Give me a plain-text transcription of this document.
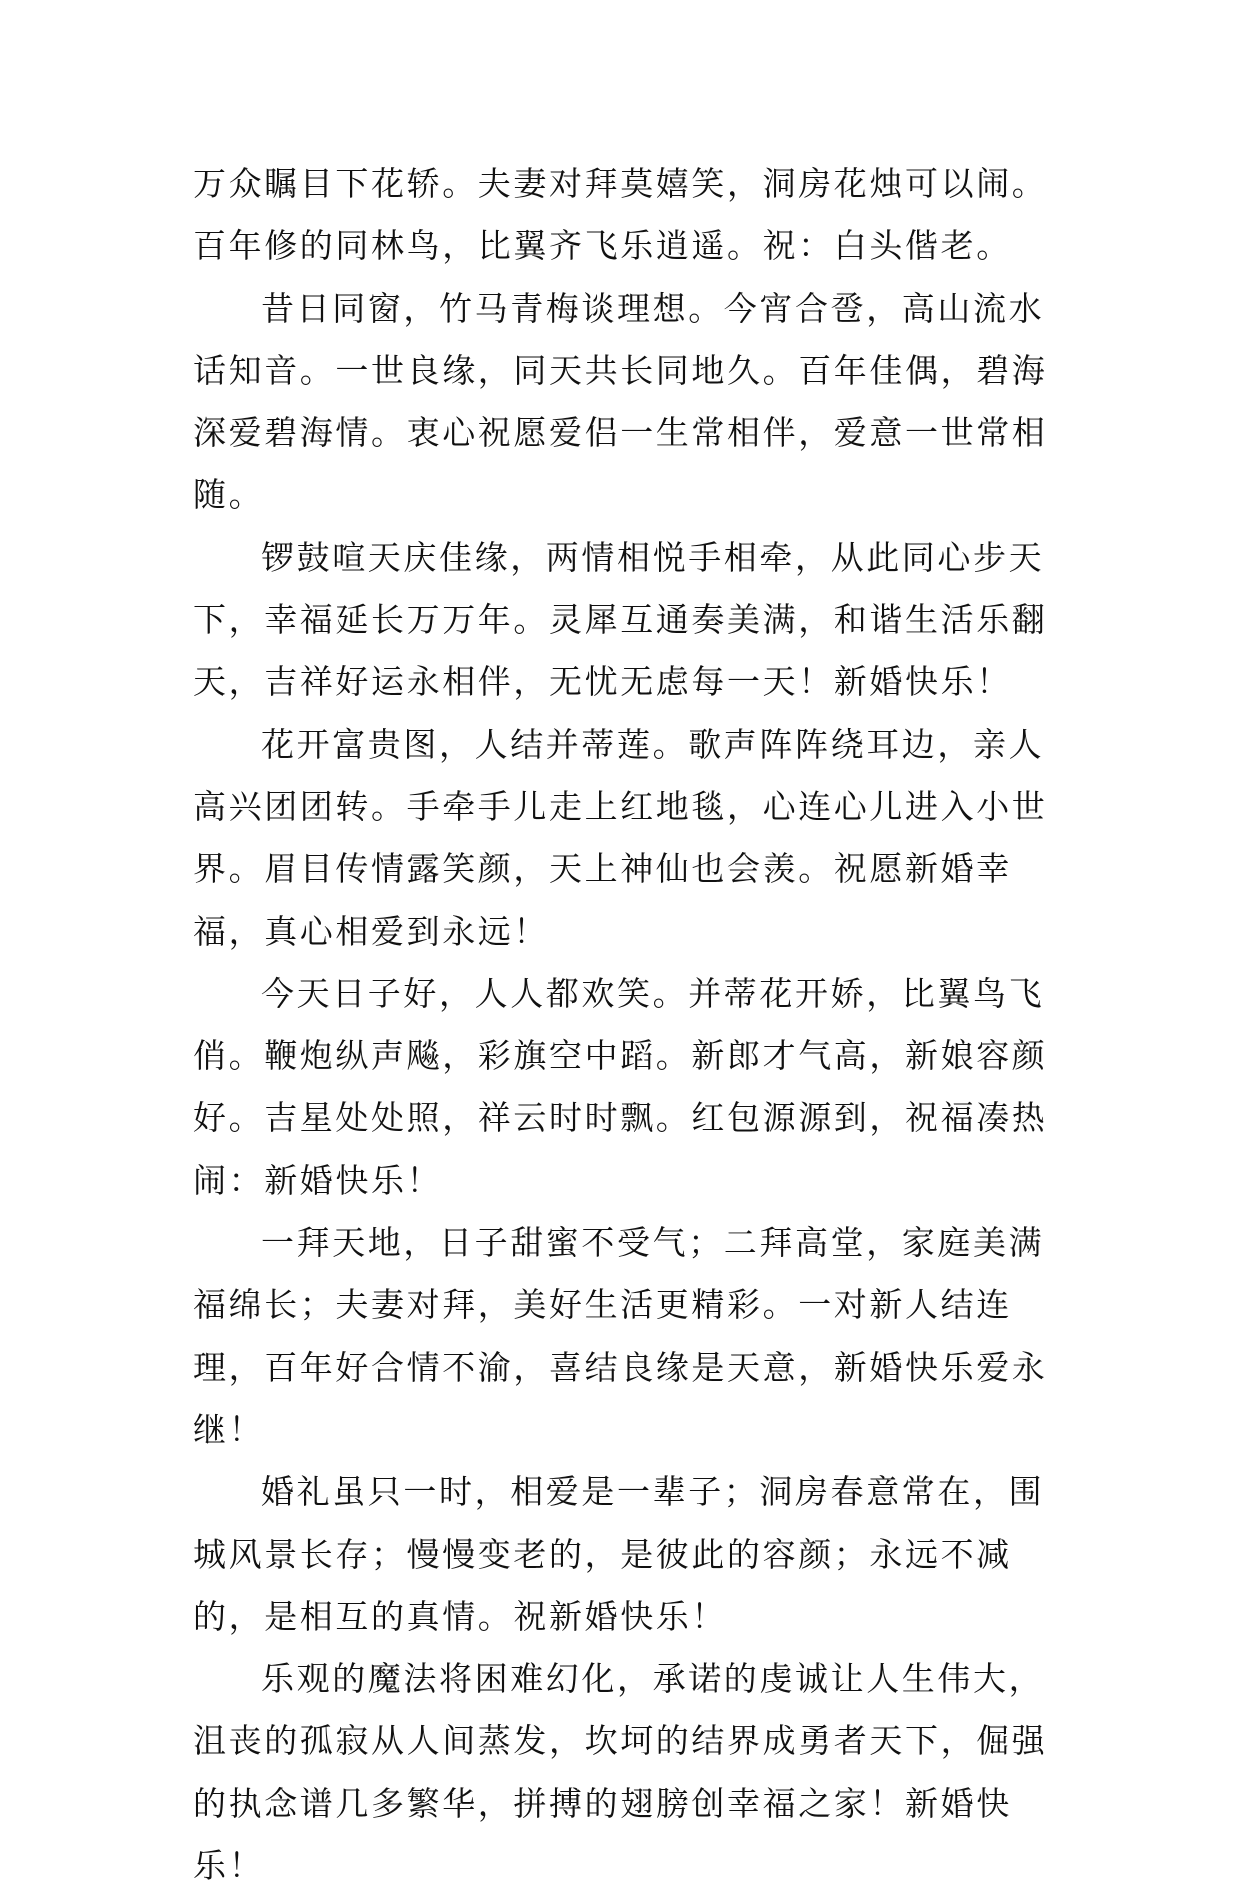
万众瞩目下花轿。夫妻对拜莫嬉笑，洞房花烛可以闹。百年修的同林鸟，比翼齐飞乐逍遥。祝：白头偕老。

昔日同窗，竹马青梅谈理想。今宵合卺，高山流水话知音。一世良缘，同天共长同地久。百年佳偶，碧海深爱碧海情。衷心祝愿爱侣一生常相伴，爱意一世常相随。

锣鼓喧天庆佳缘，两情相悦手相牵，从此同心步天下，幸福延长万万年。灵犀互通奏美满，和谐生活乐翻天，吉祥好运永相伴，无忧无虑每一天！新婚快乐！

花开富贵图，人结并蒂莲。歌声阵阵绕耳边，亲人高兴团团转。手牵手儿走上红地毯，心连心儿进入小世界。眉目传情露笑颜，天上神仙也会羡。祝愿新婚幸福，真心相爱到永远！

今天日子好，人人都欢笑。并蒂花开娇，比翼鸟飞俏。鞭炮纵声飚，彩旗空中蹈。新郎才气高，新娘容颜好。吉星处处照，祥云时时飘。红包源源到，祝福凑热闹：新婚快乐！

一拜天地，日子甜蜜不受气；二拜高堂，家庭美满福绵长；夫妻对拜，美好生活更精彩。一对新人结连理，百年好合情不渝，喜结良缘是天意，新婚快乐爱永继！

婚礼虽只一时，相爱是一辈子；洞房春意常在，围城风景长存；慢慢变老的，是彼此的容颜；永远不减的，是相互的真情。祝新婚快乐！

乐观的魔法将困难幻化，承诺的虔诚让人生伟大，沮丧的孤寂从人间蒸发，坎坷的结界成勇者天下，倔强的执念谱几多繁华，拼搏的翅膀创幸福之家！新婚快乐！
